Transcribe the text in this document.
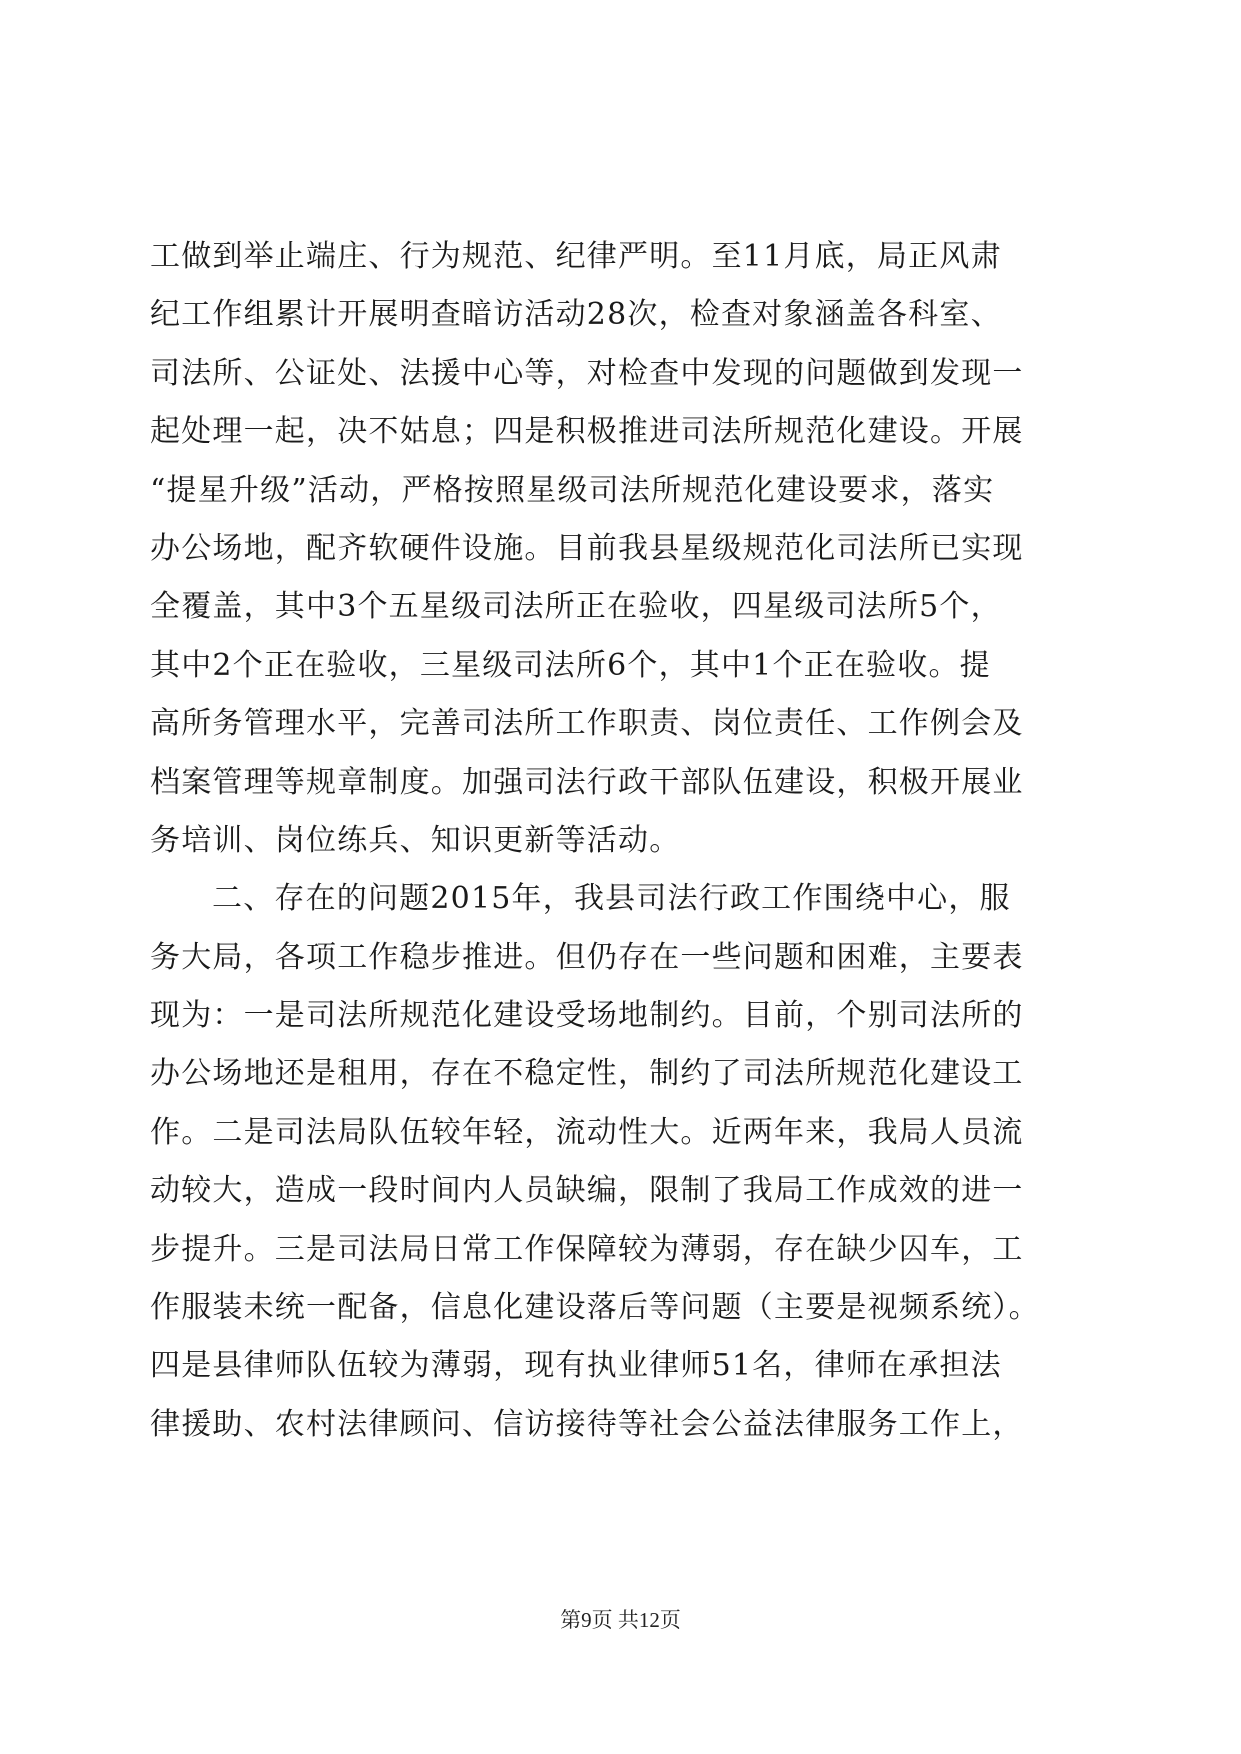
工做到举止端庄、行为规范、纪律严明。至11月底，局正风肃
纪工作组累计开展明查暗访活动28次，检查对象涵盖各科室、
司法所、公证处、法援中心等，对检查中发现的问题做到发现一
起处理一起，决不姑息；四是积极推进司法所规范化建设。开展
“提星升级”活动，严格按照星级司法所规范化建设要求，落实
办公场地，配齐软硬件设施。目前我县星级规范化司法所已实现
全覆盖，其中3个五星级司法所正在验收，四星级司法所5个，
其中2个正在验收，三星级司法所6个，其中1个正在验收。提
高所务管理水平，完善司法所工作职责、岗位责任、工作例会及
档案管理等规章制度。加强司法行政干部队伍建设，积极开展业
务培训、岗位练兵、知识更新等活动。
二、存在的问题2015年，我县司法行政工作围绕中心，服
务大局，各项工作稳步推进。但仍存在一些问题和困难，主要表
现为：一是司法所规范化建设受场地制约。目前，个别司法所的
办公场地还是租用，存在不稳定性，制约了司法所规范化建设工
作。二是司法局队伍较年轻，流动性大。近两年来，我局人员流
动较大，造成一段时间内人员缺编，限制了我局工作成效的进一
步提升。三是司法局日常工作保障较为薄弱，存在缺少囚车，工
作服装未统一配备，信息化建设落后等问题（主要是视频系统）。
四是县律师队伍较为薄弱，现有执业律师51名，律师在承担法
律援助、农村法律顾问、信访接待等社会公益法律服务工作上，
第9页 共12页
